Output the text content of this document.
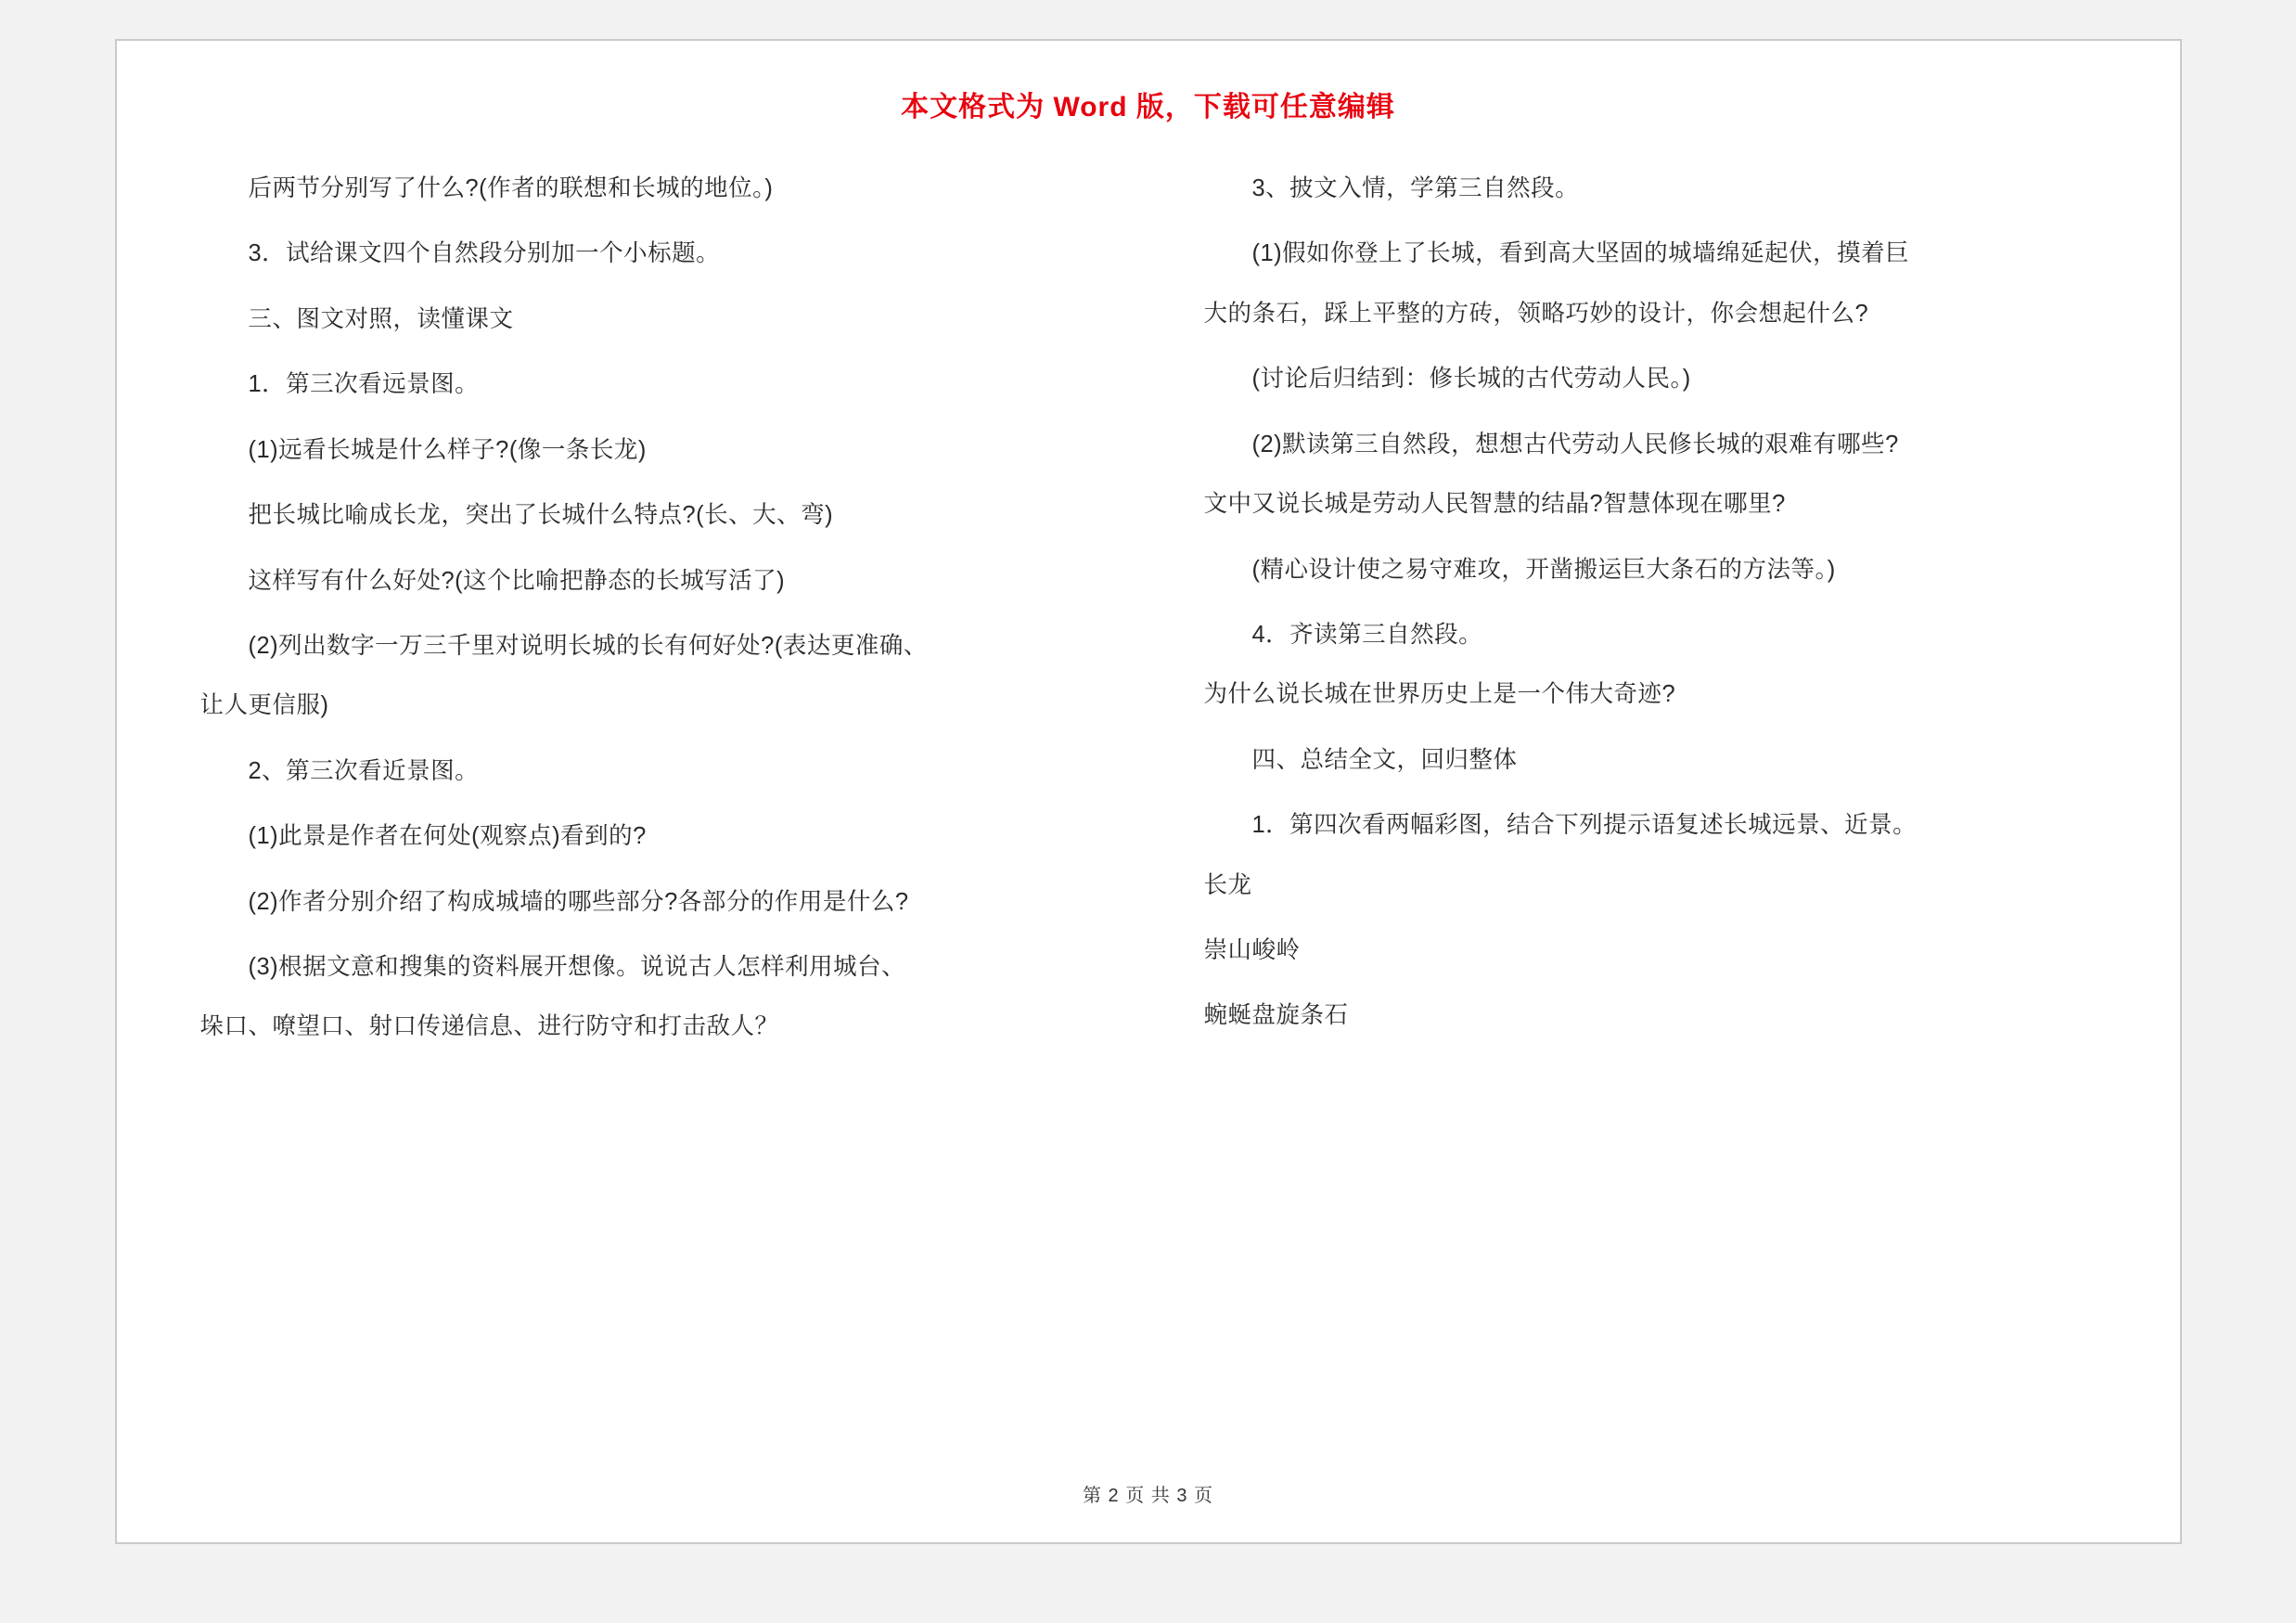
本文格式为 Word 版，下载可任意编辑

后两节分别写了什么?(作者的联想和长城的地位。)

3．试给课文四个自然段分别加一个小标题。

三、图文对照，读懂课文

1．第三次看远景图。

(1)远看长城是什么样子?(像一条长龙)

把长城比喻成长龙，突出了长城什么特点?(长、大、弯)

这样写有什么好处?(这个比喻把静态的长城写活了)

(2)列出数字一万三千里对说明长城的长有何好处?(表达更准确、

让人更信服)

2、第三次看近景图。

(1)此景是作者在何处(观察点)看到的?

(2)作者分别介绍了构成城墙的哪些部分?各部分的作用是什么?

(3)根据文意和搜集的资料展开想像。说说古人怎样利用城台、

垛口、嘹望口、射口传递信息、进行防守和打击敌人？

3、披文入情，学第三自然段。

(1)假如你登上了长城，看到高大坚固的城墙绵延起伏，摸着巨

大的条石，踩上平整的方砖，领略巧妙的设计，你会想起什么?

(讨论后归结到：修长城的古代劳动人民。)

(2)默读第三自然段，想想古代劳动人民修长城的艰难有哪些?

文中又说长城是劳动人民智慧的结晶?智慧体现在哪里?

(精心设计使之易守难攻，开凿搬运巨大条石的方法等。)

4．齐读第三自然段。

为什么说长城在世界历史上是一个伟大奇迹?

四、总结全文，回归整体

1．第四次看两幅彩图，结合下列提示语复述长城远景、近景。

长龙

崇山峻岭

蜿蜒盘旋条石

第 2 页 共 3 页
